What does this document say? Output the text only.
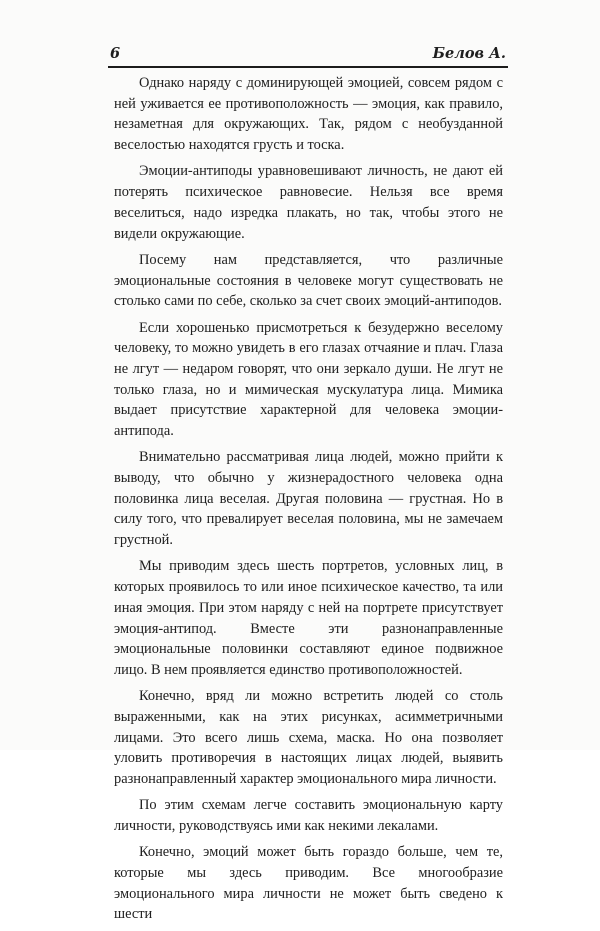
6	Белов А.

Однако наряду с доминирующей эмоцией, совсем рядом с ней уживается ее противоположность — эмоция, как правило, незаметная для окружающих. Так, рядом с необузданной веселостью находятся грусть и тоска.

Эмоции-антиподы уравновешивают личность, не дают ей потерять психическое равновесие. Нельзя все время веселиться, надо изредка плакать, но так, чтобы этого не видели окружающие.

Посему нам представляется, что различные эмоциональные состояния в человеке могут существовать не столько сами по себе, сколько за счет своих эмоций-антиподов.

Если хорошенько присмотреться к безудержно веселому человеку, то можно увидеть в его глазах отчаяние и плач. Глаза не лгут — недаром говорят, что они зеркало души. Не лгут не только глаза, но и мимическая мускулатура лица. Мимика выдает присутствие характерной для человека эмоции-антипода.

Внимательно рассматривая лица людей, можно прийти к выводу, что обычно у жизнерадостного человека одна половинка лица веселая. Другая половина — грустная. Но в силу того, что превалирует веселая половина, мы не замечаем грустной.

Мы приводим здесь шесть портретов, условных лиц, в которых проявилось то или иное психическое качество, та или иная эмоция. При этом наряду с ней на портрете присутствует эмоция-антипод. Вместе эти разнонаправленные эмоциональные половинки составляют единое подвижное лицо. В нем проявляется единство противоположностей.

Конечно, вряд ли можно встретить людей со столь выраженными, как на этих рисунках, асимметричными лицами. Это всего лишь схема, маска. Но она позволяет уловить противоречия в настоящих лицах людей, выявить разнонаправленный характер эмоционального мира личности.

По этим схемам легче составить эмоциональную карту личности, руководствуясь ими как некими лекалами.

Конечно, эмоций может быть гораздо больше, чем те, которые мы здесь приводим. Все многообразие эмоционального мира личности не может быть сведено к шести
